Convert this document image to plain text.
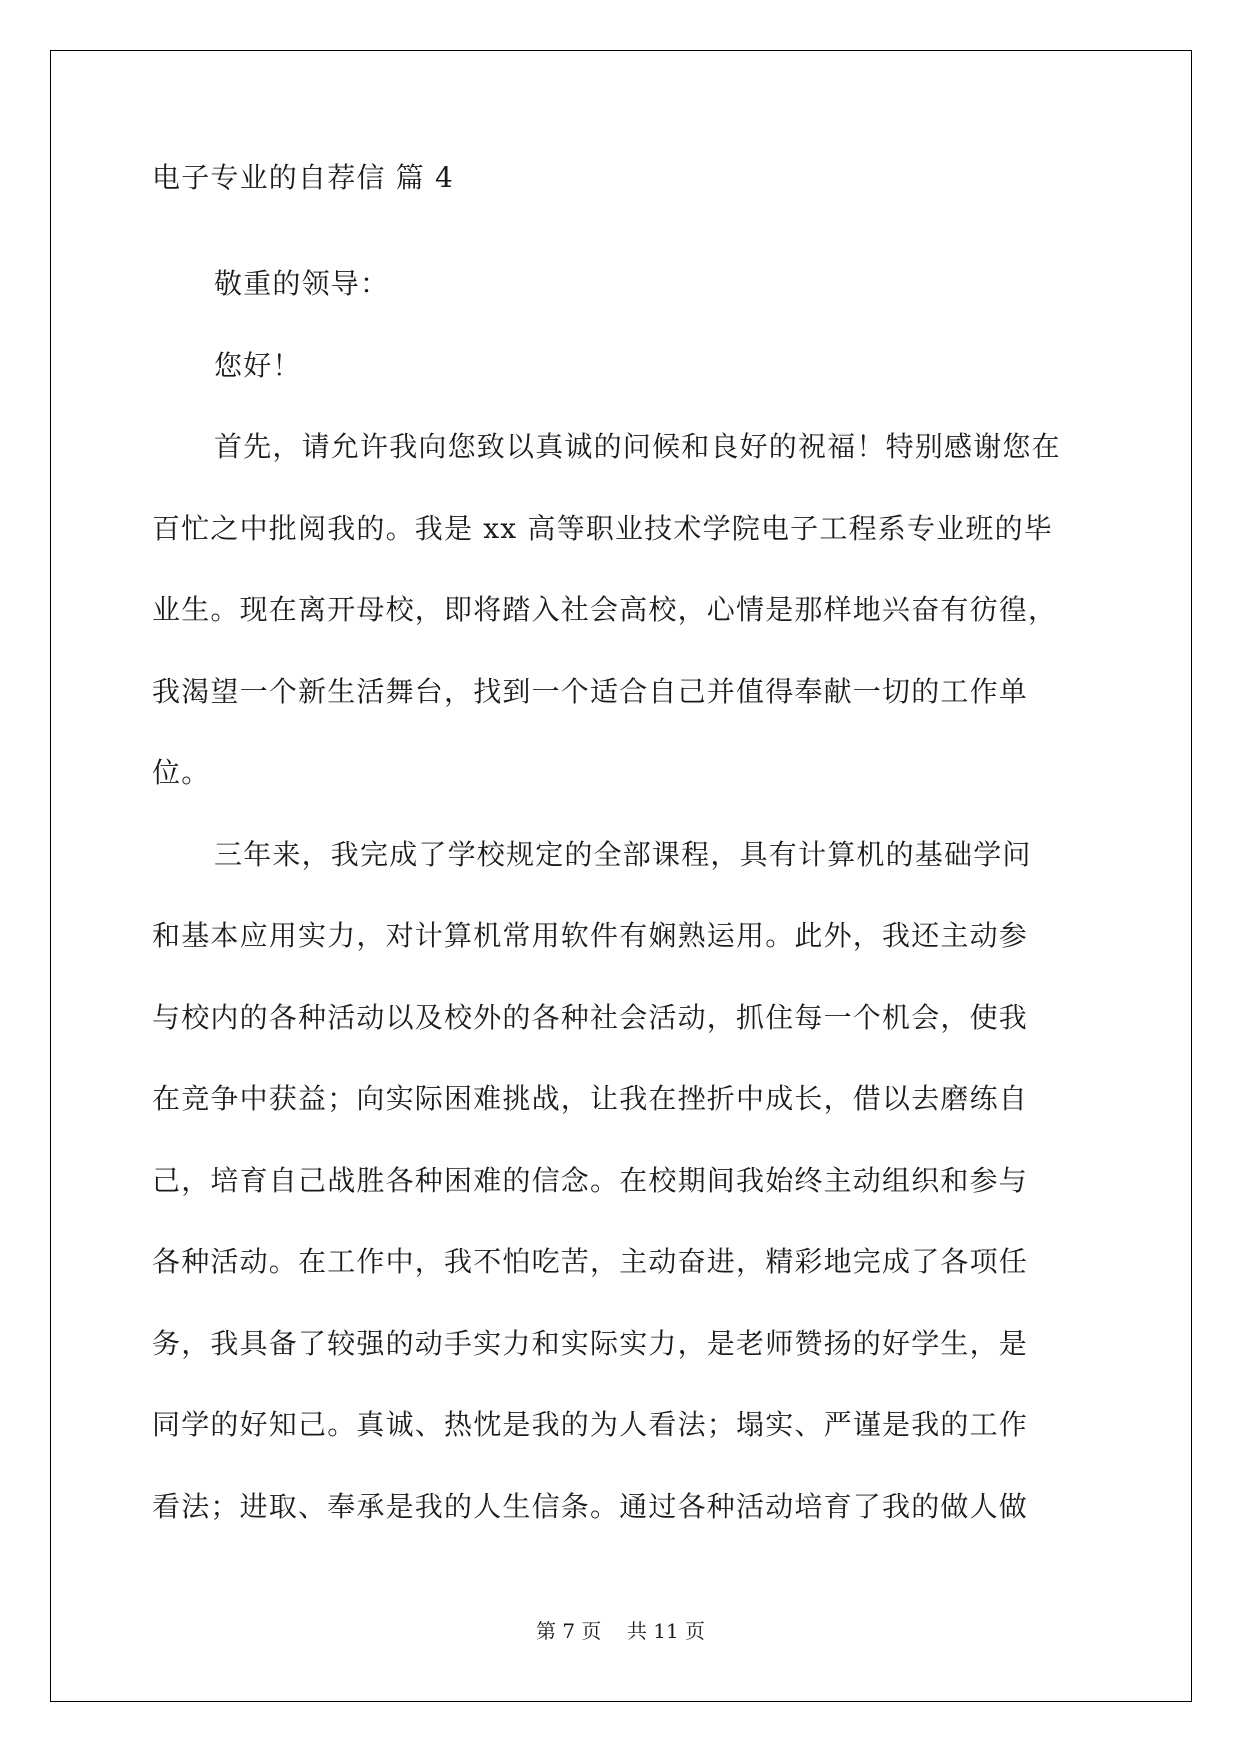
电子专业的自荐信 篇 4
敬重的领导：
您好！
首先，请允许我向您致以真诚的问候和良好的祝福！特别感谢您在
百忙之中批阅我的。我是 xx 高等职业技术学院电子工程系专业班的毕
业生。现在离开母校，即将踏入社会高校，心情是那样地兴奋有彷徨，
我渴望一个新生活舞台，找到一个适合自己并值得奉献一切的工作单
位。
三年来，我完成了学校规定的全部课程，具有计算机的基础学问
和基本应用实力，对计算机常用软件有娴熟运用。此外，我还主动参
与校内的各种活动以及校外的各种社会活动，抓住每一个机会，使我
在竞争中获益；向实际困难挑战，让我在挫折中成长，借以去磨练自
己，培育自己战胜各种困难的信念。在校期间我始终主动组织和参与
各种活动。在工作中，我不怕吃苦，主动奋进，精彩地完成了各项任
务，我具备了较强的动手实力和实际实力，是老师赞扬的好学生，是
同学的好知己。真诚、热忱是我的为人看法；塌实、严谨是我的工作
看法；进取、奉承是我的人生信条。通过各种活动培育了我的做人做
第 7 页 共 11 页
